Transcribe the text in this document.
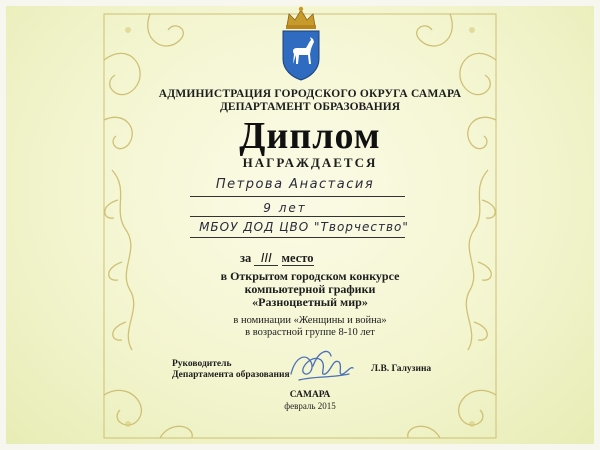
АДМИНИСТРАЦИЯ ГОРОДСКОГО ОКРУГА САМАРА
ДЕПАРТАМЕНТ ОБРАЗОВАНИЯ
Диплом
НАГРАЖДАЕТСЯ
Петрова Анастасия
9 лет
МБОУ ДОД ЦВО "Творчество"
за III место
в Открытом городском конкурсе
компьютерной графики
«Разноцветный мир»
в номинации «Женщины и война»
в возрастной группе 8-10 лет
Руководитель
Департамента образования
Л.В. Галузина
САМАРА
февраль 2015
